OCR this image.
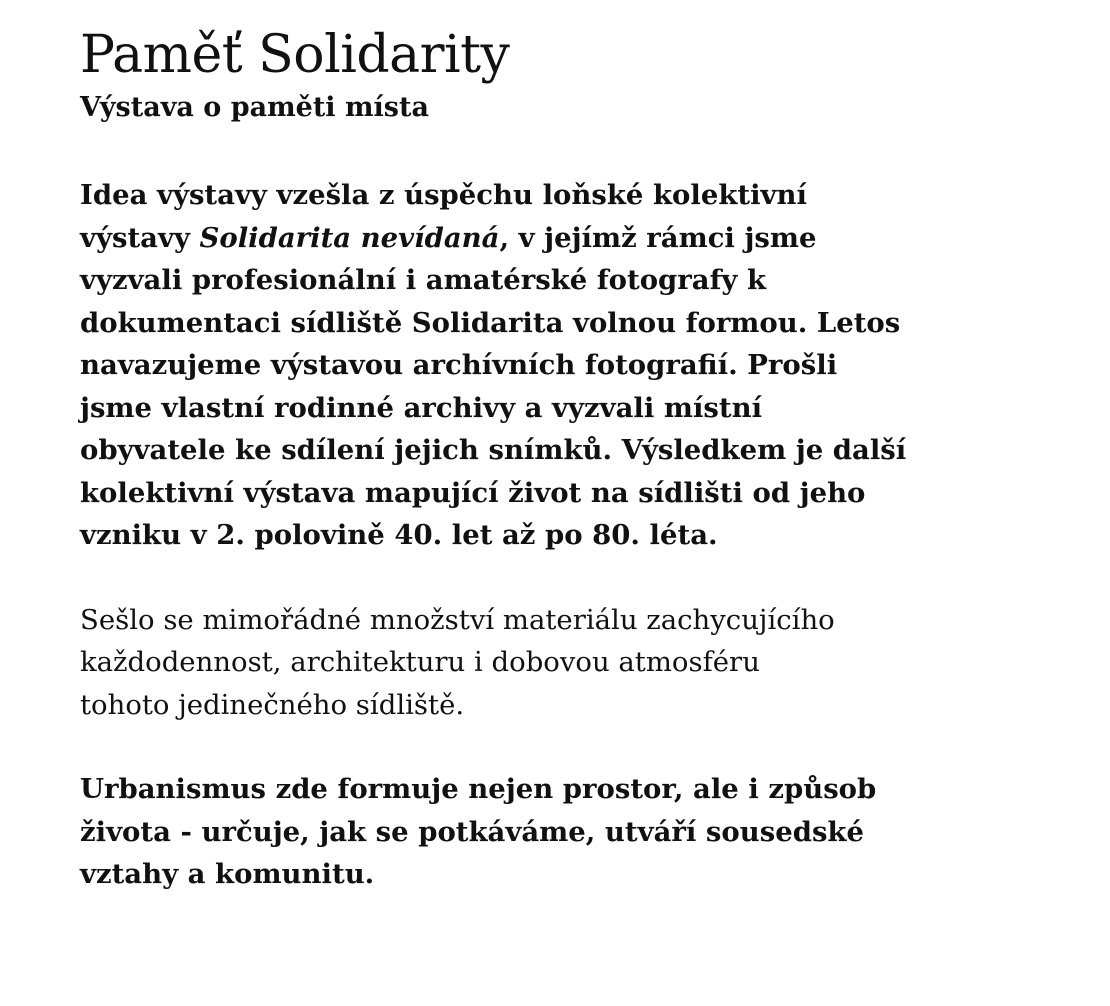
Paměť Solidarity

Výstava o paměti místa

Idea výstavy vzešla z úspěchu loňské kolektivní
výstavy Solidarita nevídaná, v jejímž rámci jsme
vyzvali profesionální i amatérské fotografy k
dokumentaci sídliště Solidarita volnou formou. Letos
navazujeme výstavou archívních fotografií. Prošli
jsme vlastní rodinné archivy a vyzvali místní
obyvatele ke sdílení jejich snímků. Výsledkem je další
kolektivní výstava mapující život na sídlišti od jeho
vzniku v 2. polovině 40. let až po 80. léta.

Sešlo se mimořádné množství materiálu zachycujícího
každodennost, architekturu i dobovou atmosféru
tohoto jedinečného sídliště.

Urbanismus zde formuje nejen prostor, ale i způsob
života - určuje, jak se potkáváme, utváří sousedské
vztahy a komunitu.
